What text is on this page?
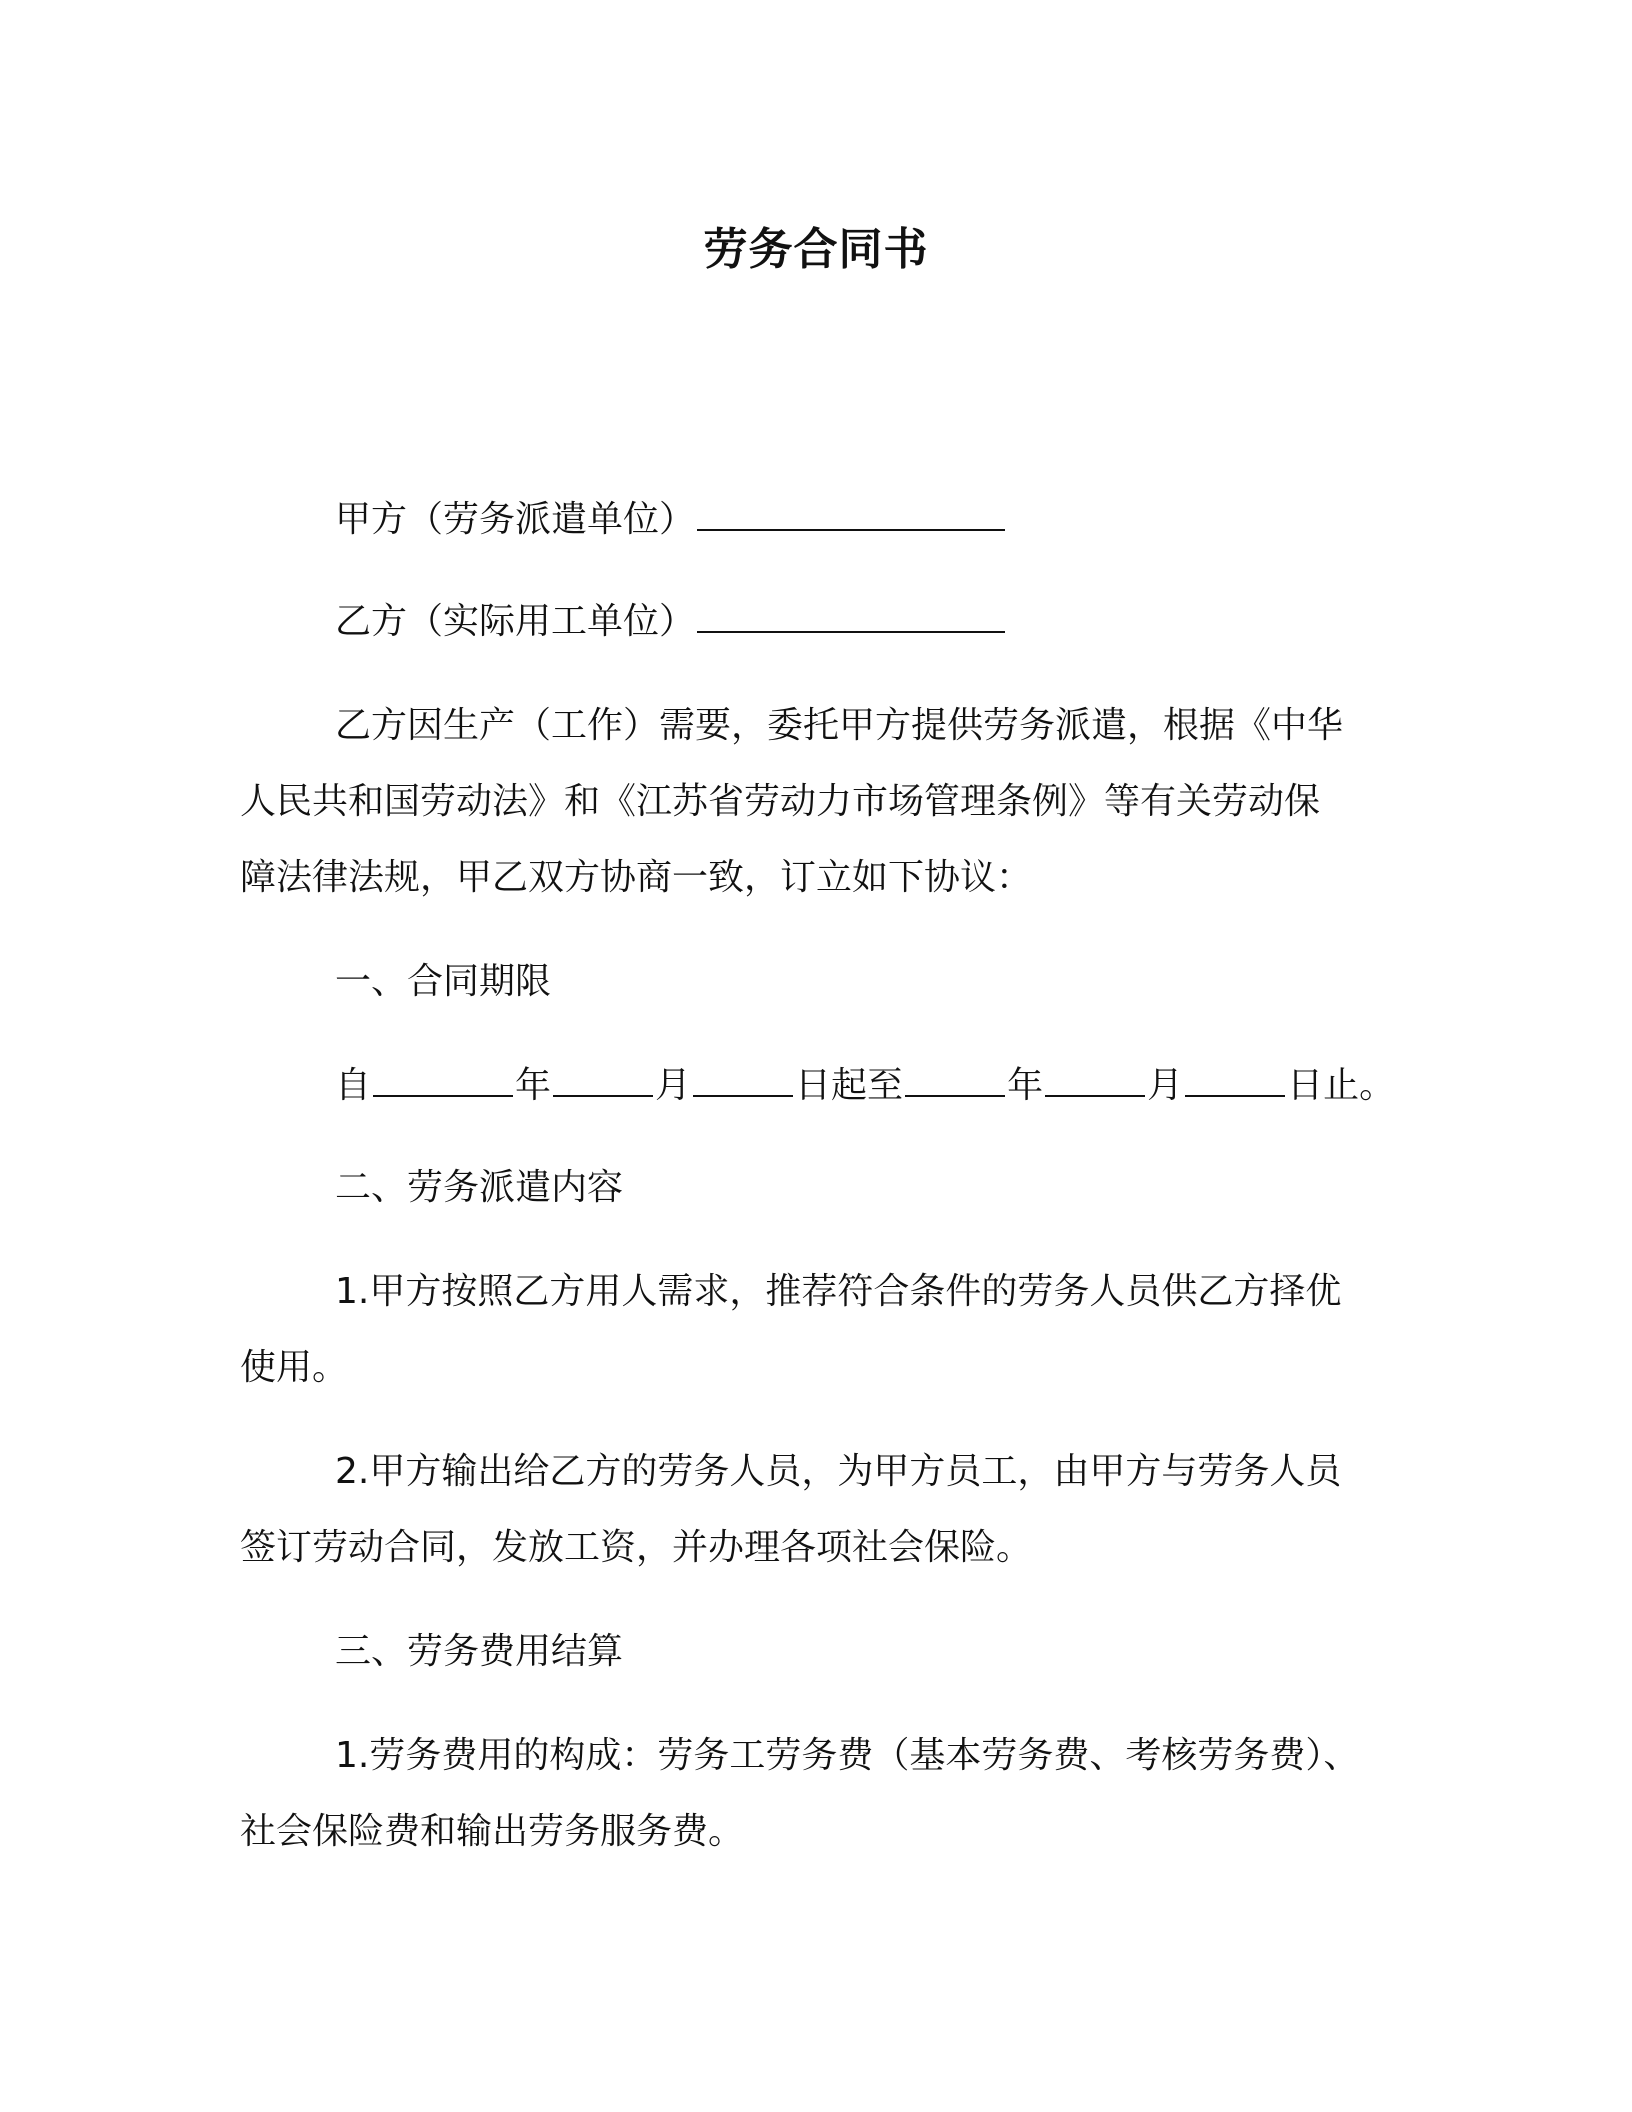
劳务合同书
甲方（劳务派遣单位）
乙方（实际用工单位）
乙方因生产（工作）需要，委托甲方提供劳务派遣，根据《中华
人民共和国劳动法》和《江苏省劳动力市场管理条例》等有关劳动保
障法律法规，甲乙双方协商一致，订立如下协议：
一、合同期限
自	年	月	日起至	年	月	日止。
二、劳务派遣内容
1.甲方按照乙方用人需求，推荐符合条件的劳务人员供乙方择优
使用。
2.甲方输出给乙方的劳务人员，为甲方员工，由甲方与劳务人员
签订劳动合同，发放工资，并办理各项社会保险。
三、劳务费用结算
1.劳务费用的构成：劳务工劳务费（基本劳务费、考核劳务费）、
社会保险费和输出劳务服务费。
